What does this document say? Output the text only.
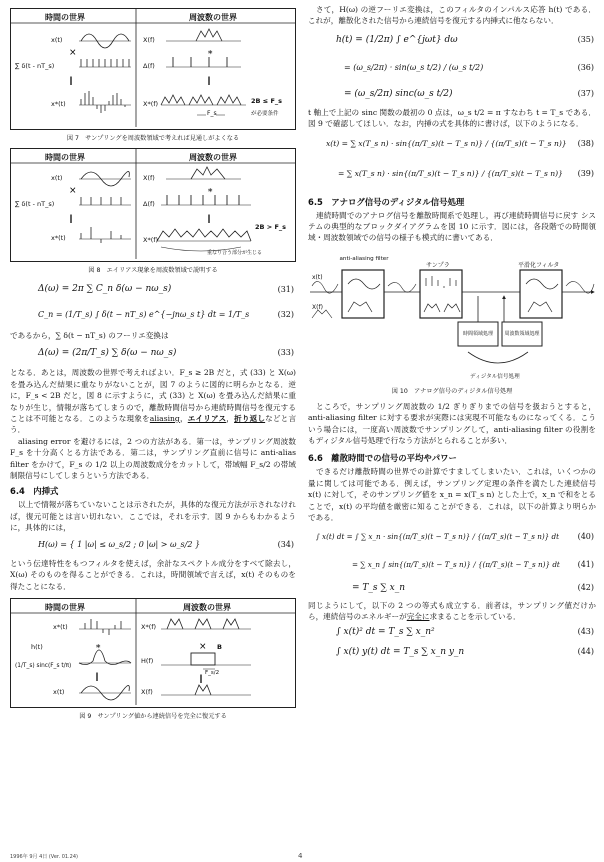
時間の世界	周波数の世界
×
‖
∗
‖
x(t)
∑ δ(t - nT_s)
x*(t)
X(f)
Δ(f)
X*(f)
F_s
2B ≤ F_s
が必要条件
図 7　サンプリングを周波数領域で考えれば見通しがよくなる
時間の世界	周波数の世界
×
‖
∗
‖
x(t)
∑ δ(t - nT_s)
x*(t)
X(f)
Δ(f)
X*(f)
2B > F_s
重なり合う部分が生じる
図 8　エイリアス現象を周波数領域で説明する
Δ(ω) = 2π ∑ C_n δ(ω − nω_s)	(31)
C_n = (1/T_s) ∫ δ(t − nT_s) e^{−jnω_s t} dt = 1/T_s	(32)

であるから，∑ δ(t − nT_s) のフーリエ変換は

Δ(ω) = (2π/T_s) ∑ δ(ω − nω_s)	(33)

となる．あとは，周波数の世界で考えればよい．F_s ≥ 2B だと，式 (33) と X(ω) を畳み込んだ結果に重なりがないことが，図 7 のように図的に明らかとなる．逆に，F_s < 2B だと，図 8 に示すように，式 (33) と X(ω) を畳み込んだ結果に重なりが生じ，情報が落ちてしまうので，離散時間信号から連続時間信号を復元することは不可能となる．このような現象をaliasing，エイリアス，折り返しなどと言う．

aliasing error を避けるには，2 つの方法がある．第一は，サンプリング周波数 F_s を十分高くとる方法である．第二は，サンプリング直前に信号に anti-alias filter をかけて，F_s の 1/2 以上の周波数成分をカットして，帯域幅 F_s/2 の帯域制限信号にしてしまうという方法である．

6.4　内挿式

以上で情報が落ちていないことは示されたが，具体的な復元方法が示されなければ，復元可能とは言い切れない．ここでは，それを示す．図 9 からもわかるように，具体的には，

H(ω) = { 1 |ω| ≤ ω_s/2 ; 0 |ω| > ω_s/2 }	(34)

という伝達特性をもつフィルタを使えば，余計なスペクトル成分をすべて除去し，X(ω) そのものを得ることができる．これは，時間領域で言えば，x(t) そのものを得たことになる．

時間の世界	周波数の世界
∗
‖
×
‖
h(t)
(1/T_s) sinc(F_s t/π)
x*(t)
x(t)
X*(f)
H(f)
X(f)
B
F_s/2
図 9　サンプリング値から連続信号を完全に復元する

さて，H(ω) の逆フーリエ変換は，このフィルタのインパルス応答 h(t) である．これが，離散化された信号から連続信号を復元する内挿式に他ならない．

h(t) = (1/2π) ∫ e^{jωt} dω	(35)
= (ω_s/2π) · sin(ω_s t/2) / (ω_s t/2)	(36)
= (ω_s/2π) sinc(ω_s t/2)	(37)

t 軸上で上記の sinc 関数の最初の 0 点は，ω_s t/2 = π すなわち t = T_s である．図 9 で確認してほしい．なお，内挿の式を具体的に書けば，以下のようになる．

x(t) = ∑ x(T_s n) · sin{(π/T_s)(t − T_s n)} / {(π/T_s)(t − T_s n)} (38)
= ∑ x(T_s n) · sin{(π/T_s)(t − T_s n)} / {(π/T_s)(t − T_s n)} (39)
6.5　アナログ信号のディジタル信号処理

連続時間でのアナログ信号を離散時間系で処理し，再び連続時間信号に戻す システムの典型的なブロックダイアグラムを図 10 に示す．図には，各段階での時間領域・周波数領域での信号の様子も模式的に書いてある．

anti-aliasing filter
サンプラ	平滑化フィルタ
x(t)
X(f)
時間領域処理	周波数領域処理
ディジタル信号処理
図 10　アナログ信号のディジタル信号処理

ところで，サンプリング周波数の 1/2 ぎりぎりまでの信号を扱おうとすると，anti-aliasing filter に対する要求が実際には実現不可能なものになってくる．こういう場合には，一度高い周波数でサンプリングして，anti-aliasing filter の役割をもディジタル信号処理で行なう方法がとられることが多い．

6.6　離散時間での信号の平均やパワー

できるだけ離散時間の世界での計算ですましてしまいたい．これは，いくつかの量に関しては可能である．例えば，サンプリング定理の条件を満たした連続信号 x(t) に対して，そのサンプリング値を x_n = x(T_s n) とした上で，x_n で和をとることで，x(t) の平均値を厳密に知ることができる．これは，以下の計算より明らかである．

∫ x(t) dt = ∫ ∑ x_n · sin{(π/T_s)(t − T_s n)} / {(π/T_s)(t − T_s n)} dt (40)
= ∑ x_n ∫ sin{(π/T_s)(t − T_s n)} / {(π/T_s)(t − T_s n)} dt (41)
= T_s ∑ x_n	(42)

同じようにして，以下の 2 つの等式も成立する．前者は，サンプリング値だけから，連続信号のエネルギーが完全に求まることを示している．

∫ x(t)² dt = T_s ∑ x_n²	(43)
∫ x(t) y(t) dt = T_s ∑ x_n y_n	(44)
1996年 9月 4日 (Ver. 01.24)	4
